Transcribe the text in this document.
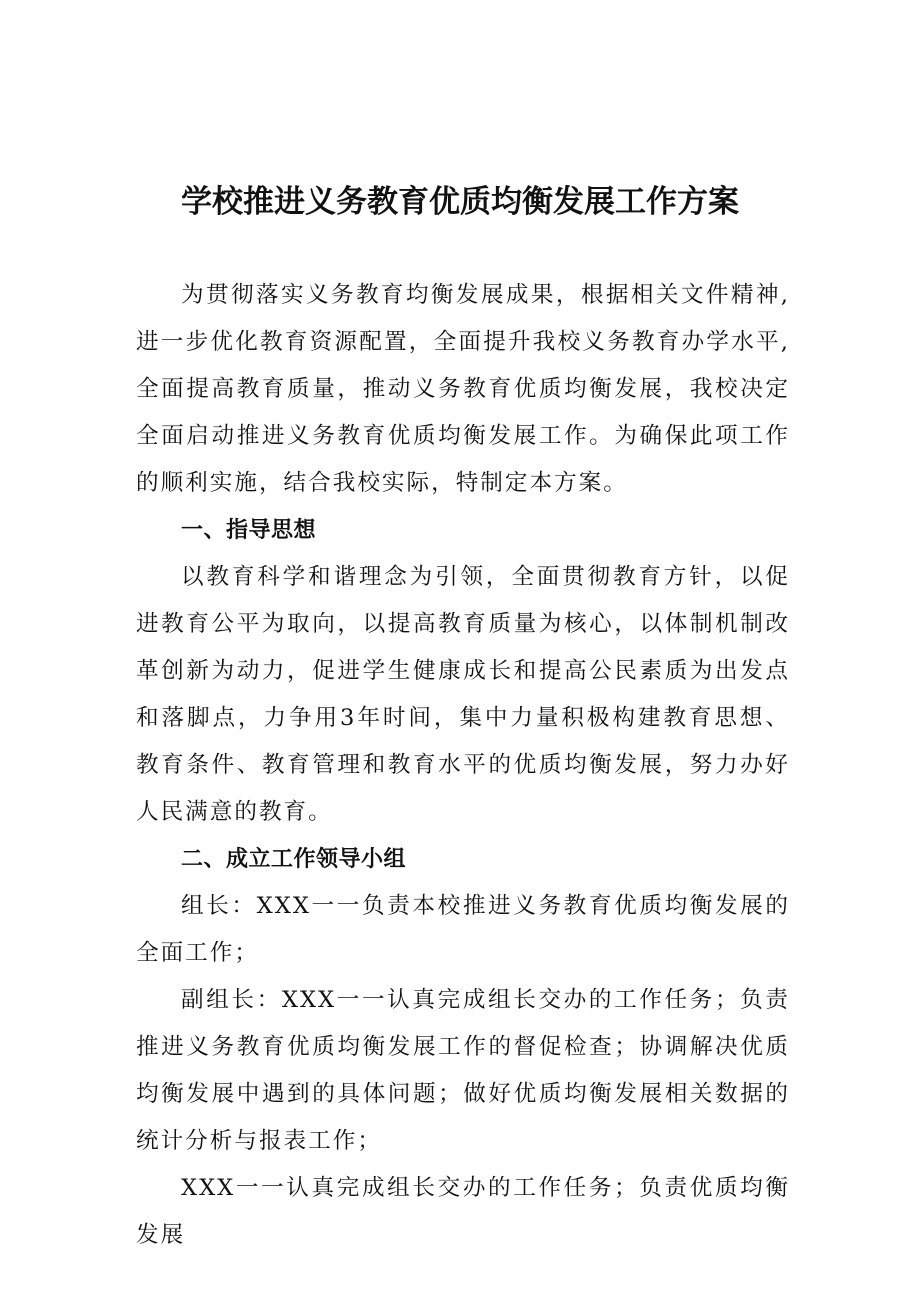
学校推进义务教育优质均衡发展工作方案

为贯彻落实义务教育均衡发展成果，根据相关文件精神,进一步优化教育资源配置，全面提升我校义务教育办学水平,全面提高教育质量，推动义务教育优质均衡发展，我校决定全面启动推进义务教育优质均衡发展工作。为确保此项工作的顺利实施，结合我校实际，特制定本方案。

一、指导思想

以教育科学和谐理念为引领，全面贯彻教育方针，以促进教育公平为取向，以提高教育质量为核心，以体制机制改革创新为动力，促进学生健康成长和提高公民素质为出发点和落脚点，力争用3年时间，集中力量积极构建教育思想、教育条件、教育管理和教育水平的优质均衡发展，努力办好人民满意的教育。

二、成立工作领导小组

组长：XXX一一负责本校推进义务教育优质均衡发展的全面工作；

副组长：XXX一一认真完成组长交办的工作任务；负责推进义务教育优质均衡发展工作的督促检查；协调解决优质均衡发展中遇到的具体问题；做好优质均衡发展相关数据的统计分析与报表工作；

XXX一一认真完成组长交办的工作任务；负责优质均衡发展
